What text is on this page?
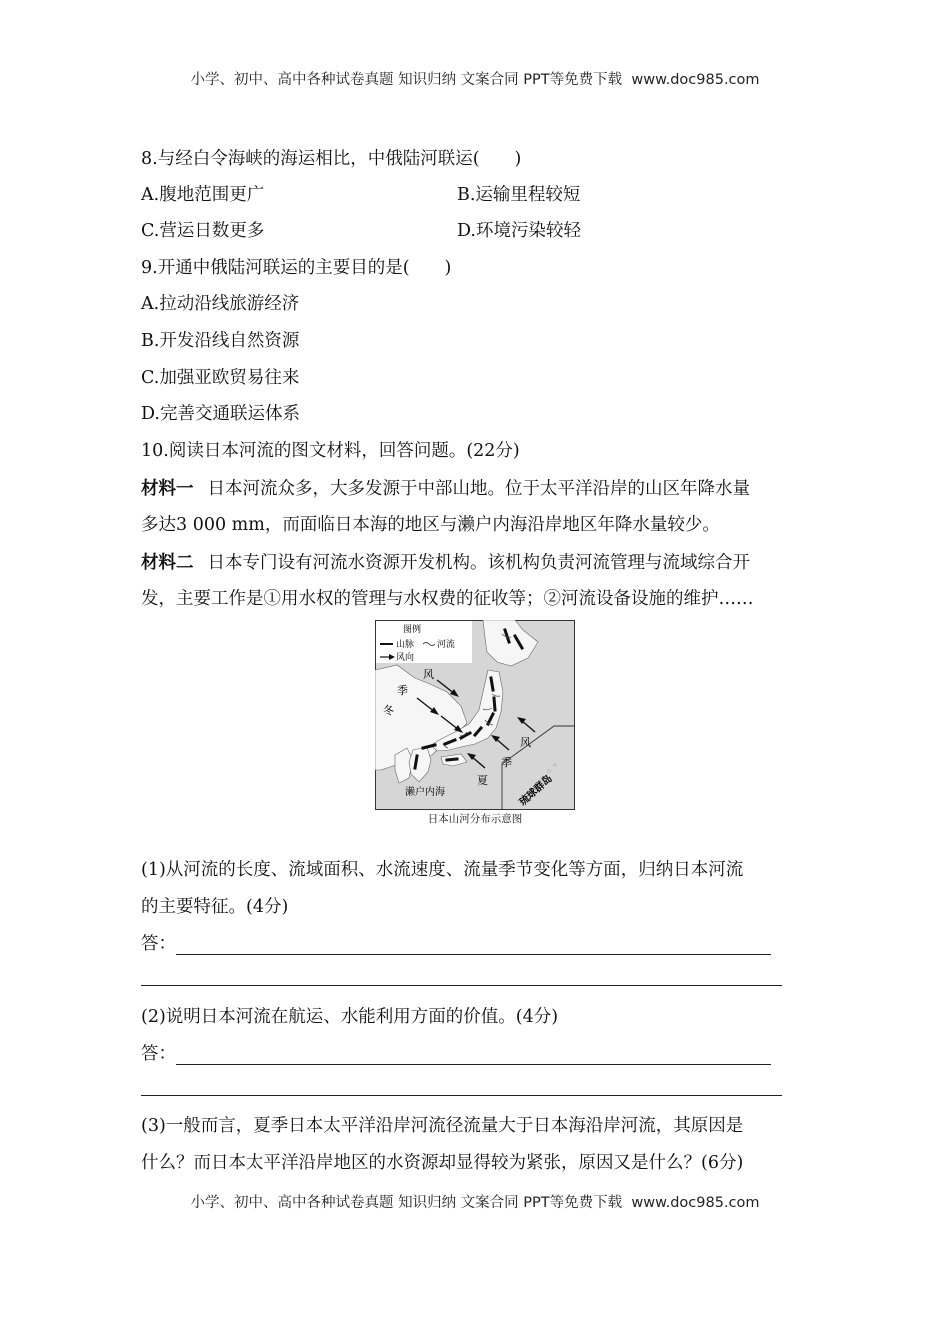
小学、初中、高中各种试卷真题 知识归纳 文案合同 PPT等免费下载 www.doc985.com
8.与经白令海峡的海运相比，中俄陆河联运(　　)
A.腹地范围更广	B.运输里程较短
C.营运日数更多	D.环境污染较轻
9.开通中俄陆河联运的主要目的是(　　)
A.拉动沿线旅游经济
B.开发沿线自然资源
C.加强亚欧贸易往来
D.完善交通联运体系
10.阅读日本河流的图文材料，回答问题。(22分)
材料一 日本河流众多，大多发源于中部山地。位于太平洋沿岸的山区年降水量
多达3 000 mm，而面临日本海的地区与濑户内海沿岸地区年降水量较少。
材料二 日本专门设有河流水资源开发机构。该机构负责河流管理与流域综合开
发，主要工作是①用水权的管理与水权费的征收等；②河流设备设施的维护……
图例
山脉	河流
风向
冬
季
风
夏
季
风
濑户内海	琉球群岛
日本山河分布示意图
(1)从河流的长度、流域面积、水流速度、流量季节变化等方面，归纳日本河流
的主要特征。(4分)
答：
(2)说明日本河流在航运、水能利用方面的价值。(4分)
答：
(3)一般而言，夏季日本太平洋沿岸河流径流量大于日本海沿岸河流，其原因是
什么？而日本太平洋沿岸地区的水资源却显得较为紧张，原因又是什么？(6分)
小学、初中、高中各种试卷真题 知识归纳 文案合同 PPT等免费下载 www.doc985.com
